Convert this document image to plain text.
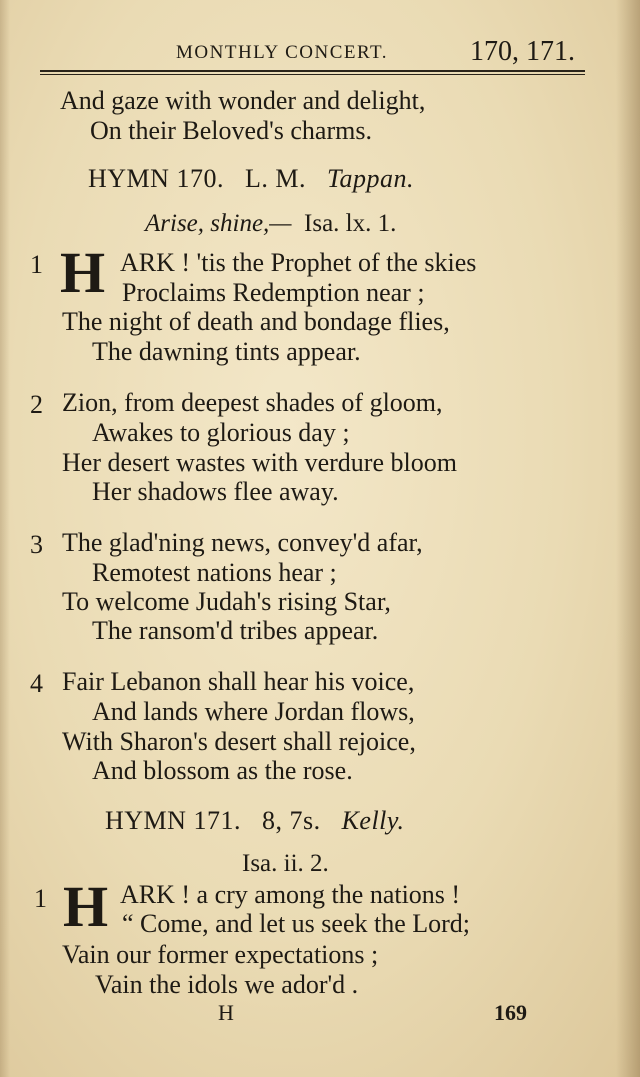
MONTHLY CONCERT.	170, 171.
And gaze with wonder and delight,
On their Beloved's charms.
HYMN 170. L. M. Tappan.
Arise, shine,— Isa. lx. 1.
1 H ARK ! 'tis the Prophet of the skies
Proclaims Redemption near ;
The night of death and bondage flies,
The dawning tints appear.
2 Zion, from deepest shades of gloom,
Awakes to glorious day ;
Her desert wastes with verdure bloom
Her shadows flee away.
3 The glad'ning news, convey'd afar,
Remotest nations hear ;
To welcome Judah's rising Star,
The ransom'd tribes appear.
4 Fair Lebanon shall hear his voice,
And lands where Jordan flows,
With Sharon's desert shall rejoice,
And blossom as the rose.
HYMN 171. 8, 7s. Kelly.
Isa. ii. 2.
1 H ARK ! a cry among the nations !
“ Come, and let us seek the Lord;
Vain our former expectations ;
Vain the idols we ador'd .
H	169
